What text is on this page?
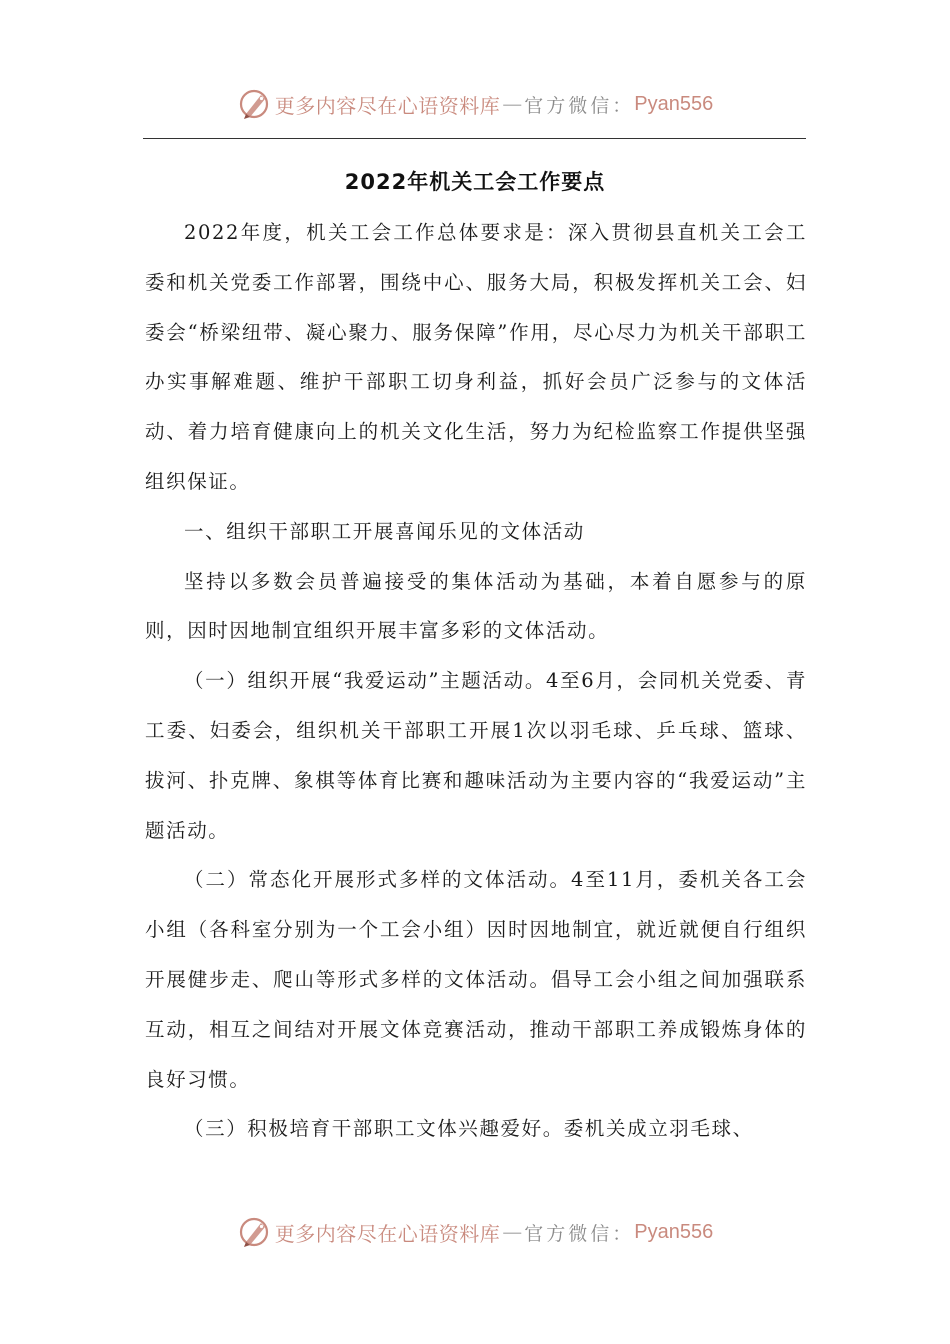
更多内容尽在心语资料库 — 官方微信： Pyan556
2022年机关工会工作要点

2022年度，机关工会工作总体要求是：深入贯彻县直机关工会工委和机关党委工作部署，围绕中心、服务大局，积极发挥机关工会、妇委会“桥梁纽带、凝心聚力、服务保障”作用，尽心尽力为机关干部职工办实事解难题、维护干部职工切身利益，抓好会员广泛参与的文体活动、着力培育健康向上的机关文化生活，努力为纪检监察工作提供坚强组织保证。

一、组织干部职工开展喜闻乐见的文体活动

坚持以多数会员普遍接受的集体活动为基础，本着自愿参与的原则，因时因地制宜组织开展丰富多彩的文体活动。

（一）组织开展“我爱运动”主题活动。4至6月，会同机关党委、青工委、妇委会，组织机关干部职工开展1次以羽毛球、乒乓球、篮球、拔河、扑克牌、象棋等体育比赛和趣味活动为主要内容的“我爱运动”主题活动。

（二）常态化开展形式多样的文体活动。4至11月，委机关各工会小组（各科室分别为一个工会小组）因时因地制宜，就近就便自行组织开展健步走、爬山等形式多样的文体活动。倡导工会小组之间加强联系互动，相互之间结对开展文体竞赛活动，推动干部职工养成锻炼身体的良好习惯。

（三）积极培育干部职工文体兴趣爱好。委机关成立羽毛球、

更多内容尽在心语资料库 — 官方微信： Pyan556
